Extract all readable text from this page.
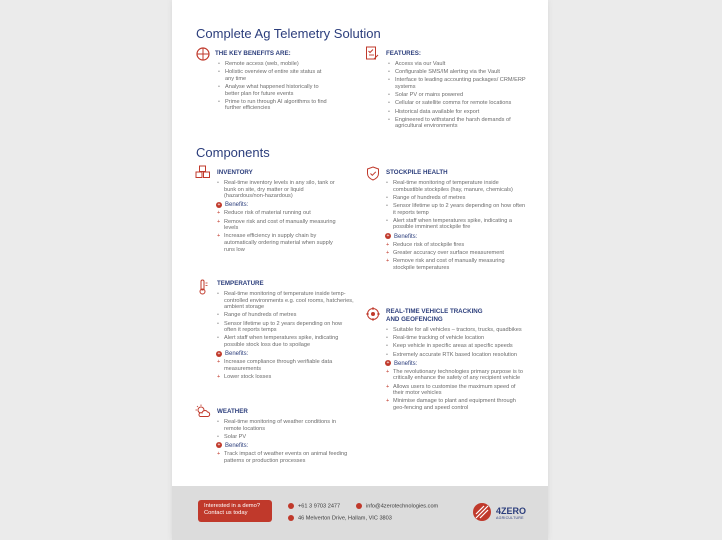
Complete Ag Telemetry Solution
THE KEY BENEFITS ARE:
• Remote access (web, mobile)
• Holistic overview of entire site status at any time
• Analyse what happened historically to better plan for future events
• Prime to run through AI algorithms to find further efficiencies
FEATURES:
• Access via our Vault
• Configurable SMS/IM alerting via the Vault
• Interface to leading accounting packages/ CRM/ERP systems
• Solar PV or mains powered
• Cellular or satellite comms for remote locations
• Historical data available for export
• Engineered to withstand the harsh demands of agricultural environments
Components
INVENTORY
• Real-time inventory levels in any silo, tank or bunk on site, dry matter or liquid (hazardous/non-hazardous)
+ Benefits:
+ Reduce risk of material running out
+ Remove risk and cost of manually measuring levels
+ Increase efficiency in supply chain by automatically ordering material when supply runs low
TEMPERATURE
• Real-time monitoring of temperature inside temp-controlled environments e.g. cool rooms, hatcheries, ambient storage
• Range of hundreds of metres
• Sensor lifetime up to 2 years depending on how often it reports temps
• Alert staff when temperatures spike, indicating possible stock loss due to spoilage
+ Benefits:
+ Increase compliance through verifiable data measurements
+ Lower stock losses
WEATHER
• Real-time monitoring of weather conditions in remote locations
• Solar PV
+ Benefits:
+ Track impact of weather events on animal feeding patterns or production processes
STOCKPILE HEALTH
• Real-time monitoring of temperature inside combustible stockpiles (hay, manure, chemicals)
• Range of hundreds of metres
• Sensor lifetime up to 2 years depending on how often it reports temp
• Alert staff when temperatures spike, indicating a possible imminent stockpile fire
+ Benefits:
+ Reduce risk of stockpile fires
+ Greater accuracy over surface measurement
+ Remove risk and cost of manually measuring stockpile temperatures
REAL-TIME VEHICLE TRACKING
AND GEOFENCING
• Suitable for all vehicles – tractors, trucks, quadbikes
• Real-time tracking of vehicle location
• Keep vehicle in specific areas at specific speeds
• Extremely accurate RTK based location resolution
+ Benefits:
+ The revolutionary technologies primary purpose is to critically enhance the safety of any recipient vehicle
+ Allows users to customise the maximum speed of their motor vehicles
+ Minimise damage to plant and equipment through geo-fencing and speed control
Interested in a demo?
Contact us today
+61 3 9703 2477	info@4zerotechnologies.com
46 Melverton Drive, Hallam, VIC 3803
4ZERO
AGRICULTURE
